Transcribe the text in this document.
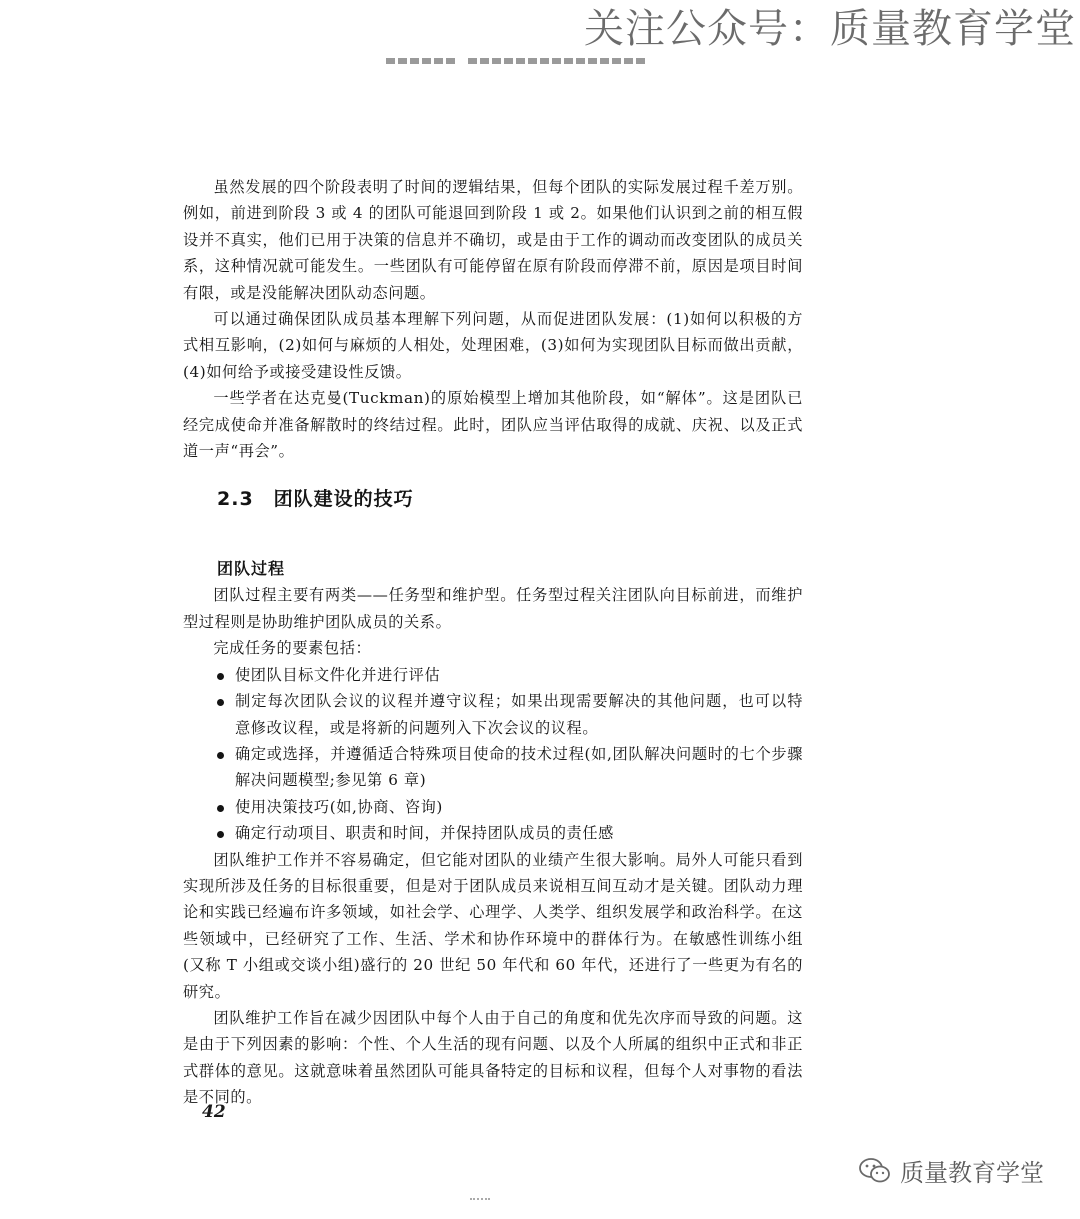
关注公众号：质量教育学堂

虽然发展的四个阶段表明了时间的逻辑结果，但每个团队的实际发展过程千差万别。例如，前进到阶段 3 或 4 的团队可能退回到阶段 1 或 2。如果他们认识到之前的相互假设并不真实，他们已用于决策的信息并不确切，或是由于工作的调动而改变团队的成员关系，这种情况就可能发生。一些团队有可能停留在原有阶段而停滞不前，原因是项目时间有限，或是没能解决团队动态问题。

可以通过确保团队成员基本理解下列问题，从而促进团队发展：(1)如何以积极的方式相互影响，(2)如何与麻烦的人相处，处理困难，(3)如何为实现团队目标而做出贡献，(4)如何给予或接受建设性反馈。

一些学者在达克曼(Tuckman)的原始模型上增加其他阶段，如“解体”。这是团队已经完成使命并准备解散时的终结过程。此时，团队应当评估取得的成就、庆祝、以及正式道一声“再会”。

2.3 团队建设的技巧
团队过程

团队过程主要有两类——任务型和维护型。任务型过程关注团队向目标前进，而维护型过程则是协助维护团队成员的关系。

完成任务的要素包括：

使团队目标文件化并进行评估
制定每次团队会议的议程并遵守议程；如果出现需要解决的其他问题，也可以特意修改议程，或是将新的问题列入下次会议的议程。
确定或选择，并遵循适合特殊项目使命的技术过程(如,团队解决问题时的七个步骤解决问题模型;参见第 6 章)
使用决策技巧(如,协商、咨询)
确定行动项目、职责和时间，并保持团队成员的责任感

团队维护工作并不容易确定，但它能对团队的业绩产生很大影响。局外人可能只看到实现所涉及任务的目标很重要，但是对于团队成员来说相互间互动才是关键。团队动力理论和实践已经遍布许多领域，如社会学、心理学、人类学、组织发展学和政治科学。在这些领域中，已经研究了工作、生活、学术和协作环境中的群体行为。在敏感性训练小组(又称 T 小组或交谈小组)盛行的 20 世纪 50 年代和 60 年代，还进行了一些更为有名的研究。

团队维护工作旨在减少因团队中每个人由于自己的角度和优先次序而导致的问题。这是由于下列因素的影响：个性、个人生活的现有问题、以及个人所属的组织中正式和非正式群体的意见。这就意味着虽然团队可能具备特定的目标和议程，但每个人对事物的看法是不同的。

42
质量教育学堂
